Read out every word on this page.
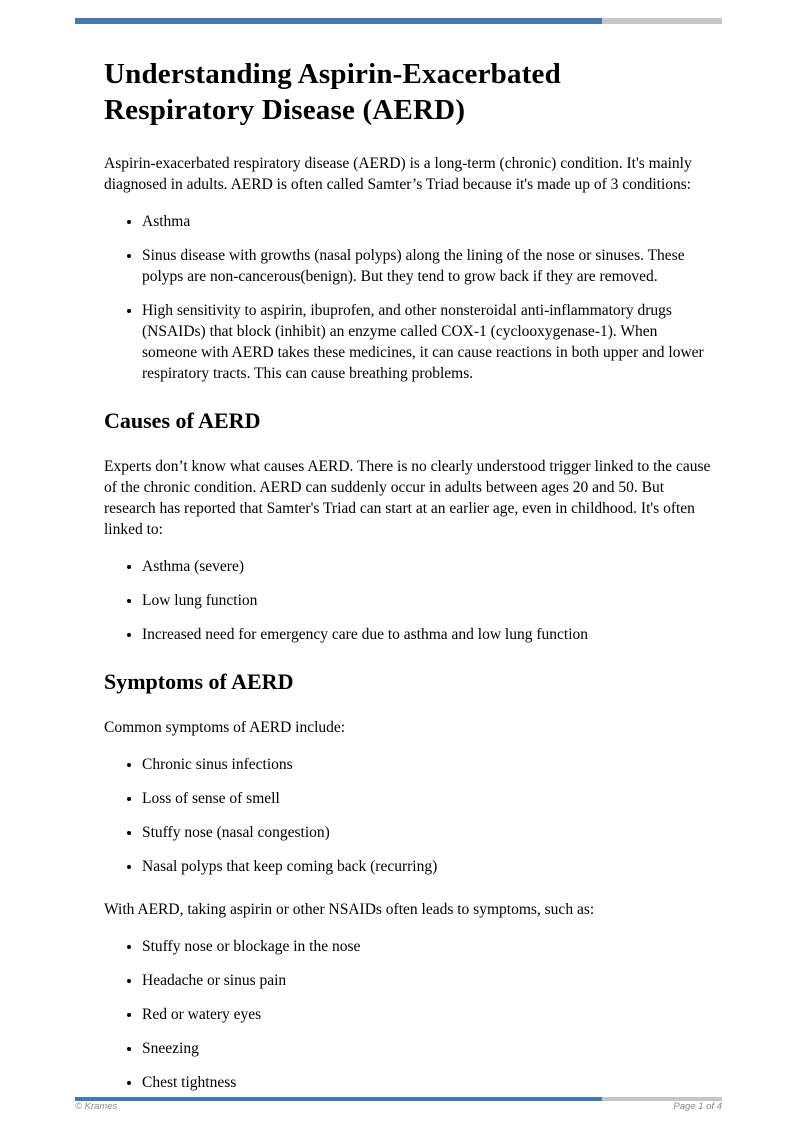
Understanding Aspirin-Exacerbated Respiratory Disease (AERD)

Aspirin-exacerbated respiratory disease (AERD) is a long-term (chronic) condition. It's mainly diagnosed in adults. AERD is often called Samter’s Triad because it's made up of 3 conditions:

• Asthma
• Sinus disease with growths (nasal polyps) along the lining of the nose or sinuses. These polyps are non-cancerous(benign). But they tend to grow back if they are removed.
• High sensitivity to aspirin, ibuprofen, and other nonsteroidal anti-inflammatory drugs (NSAIDs) that block (inhibit) an enzyme called COX-1 (cyclooxygenase-1). When someone with AERD takes these medicines, it can cause reactions in both upper and lower respiratory tracts. This can cause breathing problems.
Causes of AERD

Experts don’t know what causes AERD. There is no clearly understood trigger linked to the cause of the chronic condition. AERD can suddenly occur in adults between ages 20 and 50. But research has reported that Samter's Triad can start at an earlier age, even in childhood. It's often linked to:

• Asthma (severe)
• Low lung function
• Increased need for emergency care due to asthma and low lung function
Symptoms of AERD

Common symptoms of AERD include:

• Chronic sinus infections
• Loss of sense of smell
• Stuffy nose (nasal congestion)
• Nasal polyps that keep coming back (recurring)

With AERD, taking aspirin or other NSAIDs often leads to symptoms, such as:

• Stuffy nose or blockage in the nose
• Headache or sinus pain
• Red or watery eyes
• Sneezing
• Chest tightness
© Krames	Page 1 of 4
